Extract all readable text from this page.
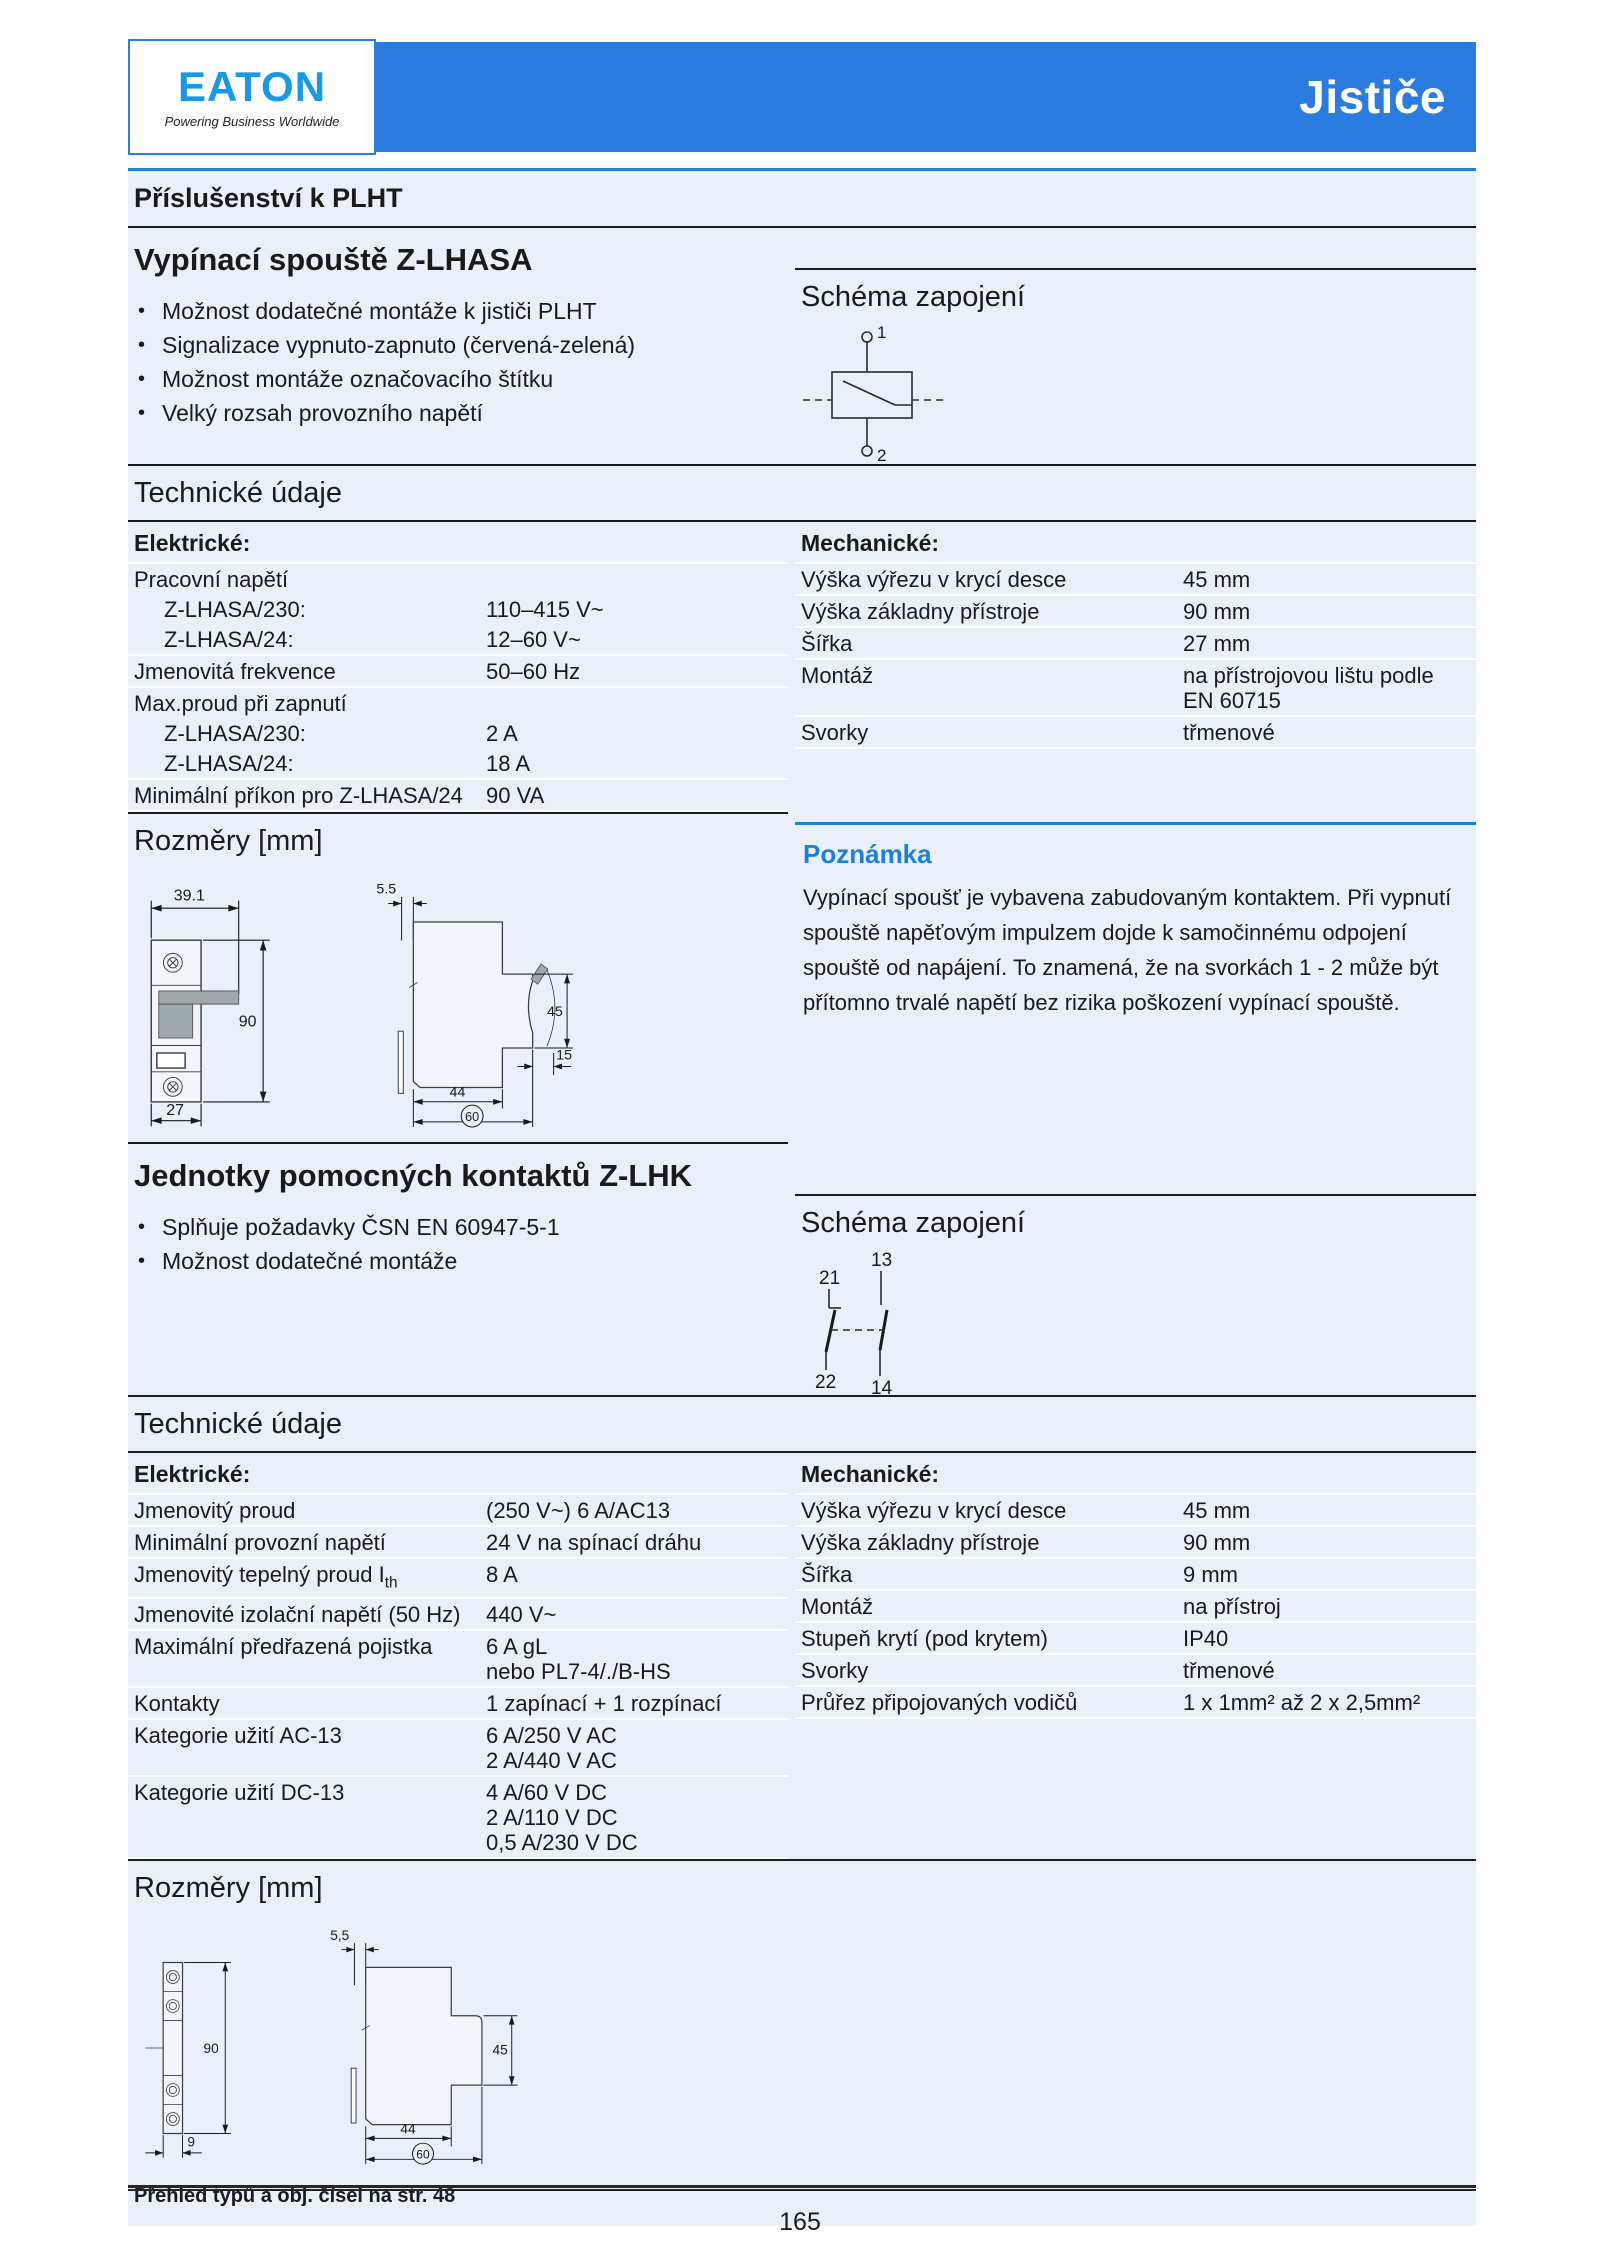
Jističe
EATON
Powering Business Worldwide
Příslušenství k PLHT
Vypínací spouště Z-LHASA
• Možnost dodatečné montáže k jističi PLHT
• Signalizace vypnuto-zapnuto (červená-zelená)
• Možnost montáže označovacího štítku
• Velký rozsah provozního napětí
Schéma zapojení
1
2
Technické údaje
Elektrické:
Pracovní napětí
Z-LHASA/230:	110–415 V~
Z-LHASA/24:	12–60 V~
Jmenovitá frekvence	50–60 Hz
Max.proud při zapnutí
Z-LHASA/230:	2 A
Z-LHASA/24:	18 A
Minimální příkon pro Z-LHASA/24	90 VA
Mechanické:
Výška výřezu v krycí desce	45 mm
Výška základny přístroje	90 mm
Šířka	27 mm
Montáž	na přístrojovou lištu podle
EN 60715
Svorky	třmenové
Rozměry [mm]
39.1
90
27
5.5
45
15
44
60
Poznámka
Vypínací spoušť je vybavena zabudovaným kontaktem. Při vypnutí spouště napěťovým impulzem dojde k samočinnému odpojení spouště od napájení. To znamená, že na svorkách 1 - 2 může být přítomno trvalé napětí bez rizika poškození vypínací spouště.
Jednotky pomocných kontaktů Z-LHK
• Splňuje požadavky ČSN EN 60947-5-1
• Možnost dodatečné montáže
Schéma zapojení
13
21
22 14
Technické údaje
Elektrické:
Jmenovitý proud	(250 V~) 6 A/AC13
Minimální provozní napětí	24 V na spínací dráhu
Jmenovitý tepelný proud $I_{th}$	8 A
Jmenovité izolační napětí (50 Hz)	440 V~
Maximální předřazená pojistka	6 A gL
nebo PL7-4/./B-HS
Kontakty	1 zapínací + 1 rozpínací
Kategorie užití AC-13	6 A/250 V AC
2 A/440 V AC
Kategorie užití DC-13	4 A/60 V DC
2 A/110 V DC
0,5 A/230 V DC
Mechanické:
Výška výřezu v krycí desce	45 mm
Výška základny přístroje	90 mm
Šířka	9 mm
Montáž	na přístroj
Stupeň krytí (pod krytem)	IP40
Svorky	třmenové
Průřez připojovaných vodičů	1 x 1mm² až 2 x 2,5mm²
Rozměry [mm]
90
9
5,5
45
44
60
Přehled typů a obj. čísel na str. 48
165
